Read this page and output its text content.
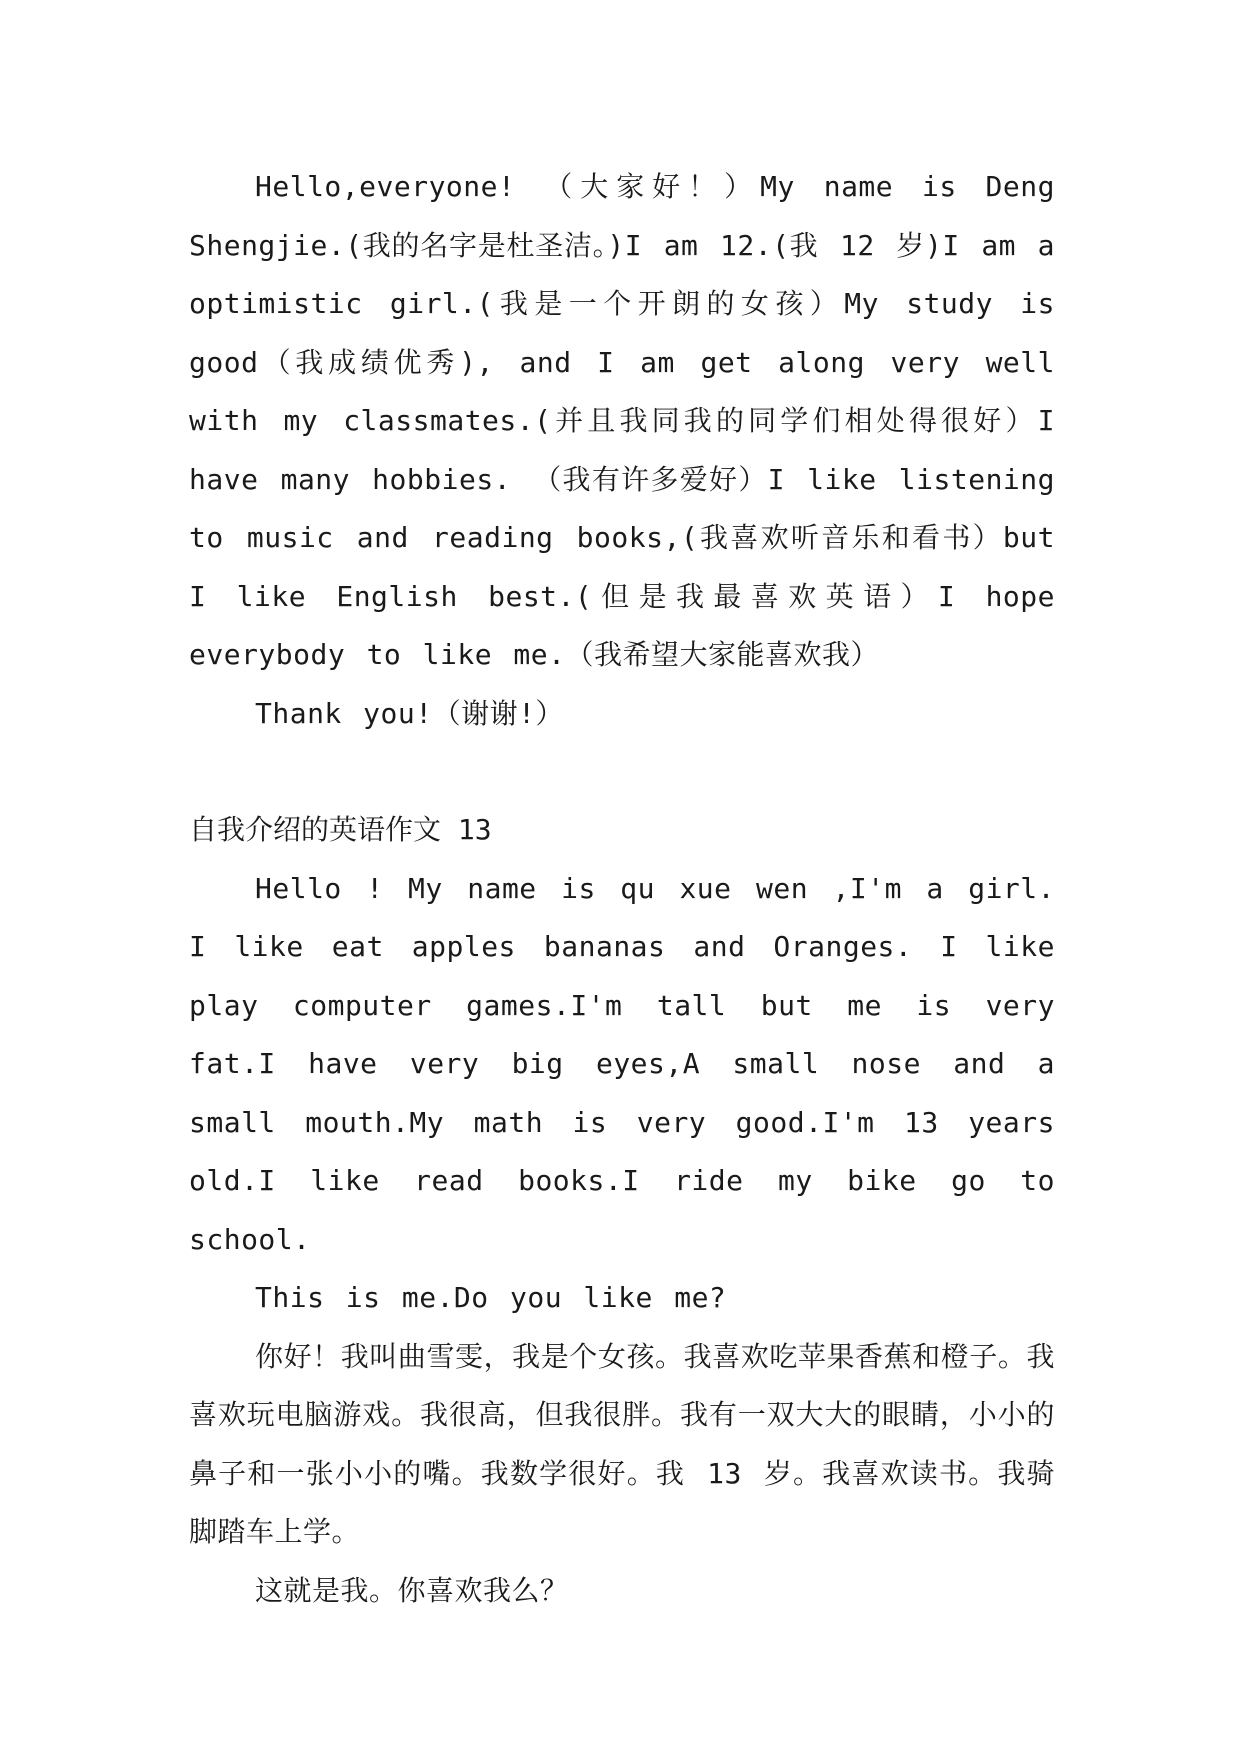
Hello,everyone! （大家好！）My name is Deng Shengjie.(我的名字是杜圣洁。)I am 12.(我 12 岁)I am a optimistic girl.(我是一个开朗的女孩）My study is good（我成绩优秀), and I am get along very well with my classmates.(并且我同我的同学们相处得很好）I have many hobbies. （我有许多爱好）I like listening to music and reading books,(我喜欢听音乐和看书）but I like English best.(但是我最喜欢英语）I hope everybody to like me.（我希望大家能喜欢我）

Thank you!（谢谢!）

自我介绍的英语作文 13

Hello ! My name is qu xue wen ,I'm a girl. I like eat apples bananas and Oranges. I like play computer games.I'm tall but me is very fat.I have very big eyes,A small nose and a small mouth.My math is very good.I'm 13 years old.I like read books.I ride my bike go to school.

This is me.Do you like me?

你好！我叫曲雪雯，我是个女孩。我喜欢吃苹果香蕉和橙子。我喜欢玩电脑游戏。我很高，但我很胖。我有一双大大的眼睛，小小的鼻子和一张小小的嘴。我数学很好。我 13 岁。我喜欢读书。我骑脚踏车上学。

这就是我。你喜欢我么？
